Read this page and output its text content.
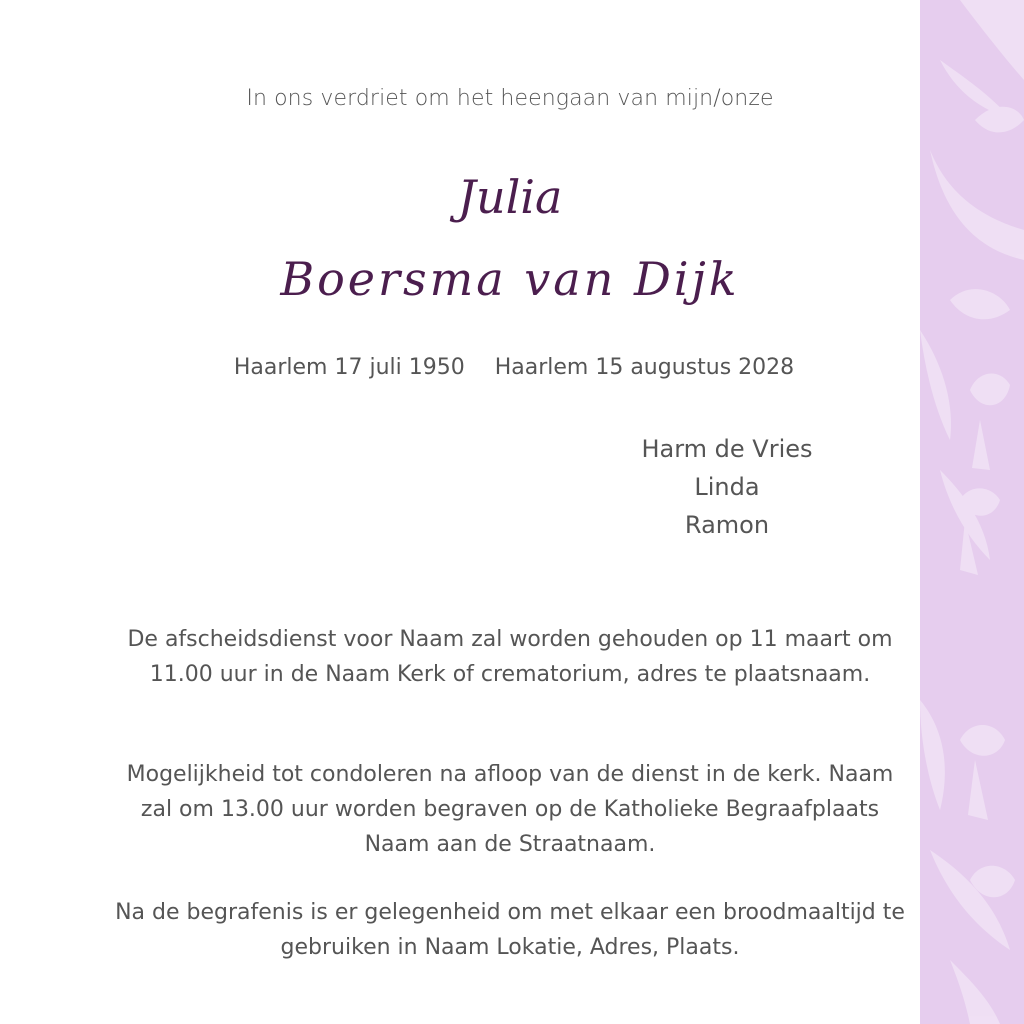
In ons verdriet om het heengaan van mijn/onze
Julia
Boersma van Dijk
Haarlem 17 juli 1950 Haarlem 15 augustus 2028
Harm de Vries
Linda
Ramon
De afscheidsdienst voor Naam zal worden gehouden op 11 maart om 11.00 uur in de Naam Kerk of crematorium, adres te plaatsnaam.
Mogelijkheid tot condoleren na afloop van de dienst in de kerk. Naam zal om 13.00 uur worden begraven op de Katholieke Begraafplaats Naam aan de Straatnaam.
Na de begrafenis is er gelegenheid om met elkaar een broodmaaltijd te gebruiken in Naam Lokatie, Adres, Plaats.
